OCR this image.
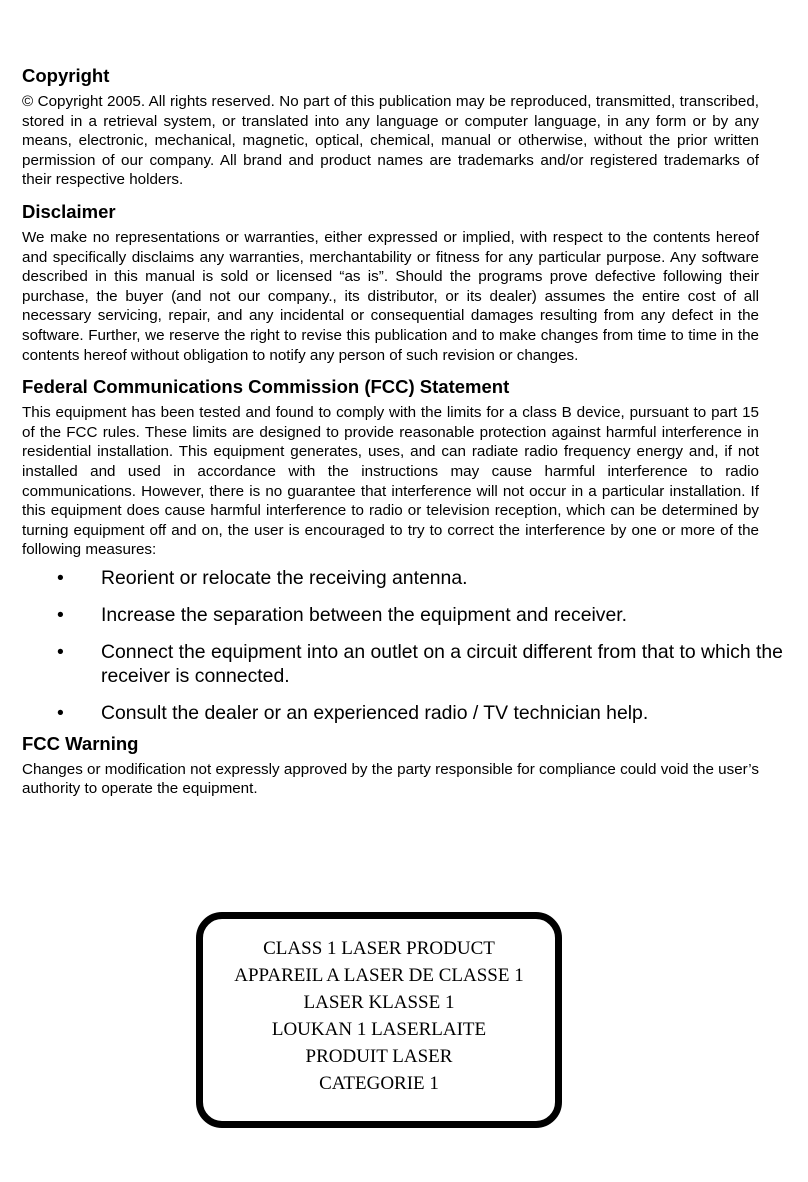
Copyright

© Copyright 2005. All rights reserved. No part of this publication may be reproduced, transmitted, transcribed, stored in a retrieval system, or translated into any language or computer language, in any form or by any means, electronic, mechanical, magnetic, optical, chemical, manual or otherwise, without the prior written permission of our company. All brand and product names are trademarks and/or registered trademarks of their respective holders.

Disclaimer

We make no representations or warranties, either expressed or implied, with respect to the contents hereof and specifically disclaims any warranties, merchantability or fitness for any particular purpose. Any software described in this manual is sold or licensed “as is”. Should the programs prove defective following their purchase, the buyer (and not our company., its distributor, or its dealer) assumes the entire cost of all necessary servicing, repair, and any incidental or consequential damages resulting from any defect in the software. Further, we reserve the right to revise this publication and to make changes from time to time in the contents hereof without obligation to notify any person of such revision or changes.

Federal Communications Commission (FCC) Statement

This equipment has been tested and found to comply with the limits for a class B device, pursuant to part 15 of the FCC rules. These limits are designed to provide reasonable protection against harmful interference in residential installation. This equipment generates, uses, and can radiate radio frequency energy and, if not installed and used in accordance with the instructions may cause harmful interference to radio communications. However, there is no guarantee that interference will not occur in a particular installation. If this equipment does cause harmful interference to radio or television reception, which can be determined by turning equipment off and on, the user is encouraged to try to correct the interference by one or more of the following measures:

• Reorient or relocate the receiving antenna.
• Increase the separation between the equipment and receiver.
• Connect the equipment into an outlet on a circuit different from that to which the receiver is connected.
• Consult the dealer or an experienced radio / TV technician help.
FCC Warning

Changes or modification not expressly approved by the party responsible for compliance could void the user’s authority to operate the equipment.

CLASS 1 LASER PRODUCT
APPAREIL A LASER DE CLASSE 1
LASER KLASSE 1
LOUKAN 1 LASERLAITE
PRODUIT LASER
CATEGORIE 1
